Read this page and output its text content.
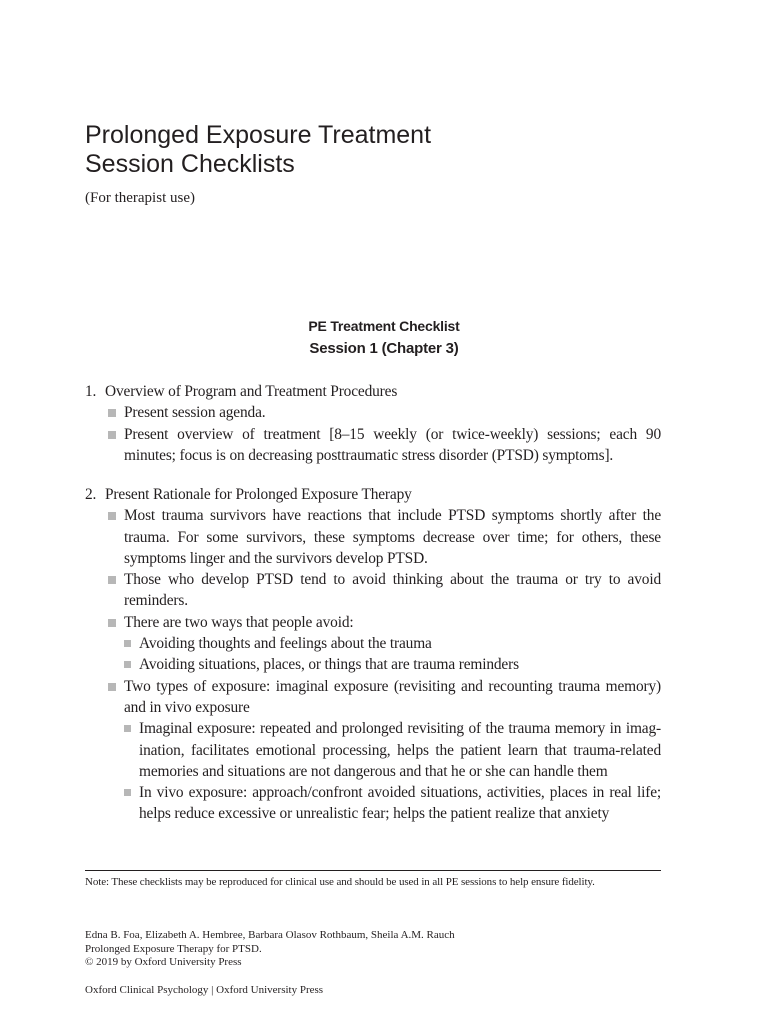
Prolonged Exposure Treatment
Session Checklists
(For therapist use)
PE Treatment Checklist
Session 1 (Chapter 3)
1. Overview of Program and Treatment Procedures
Present session agenda.
Present overview of treatment [8–15 weekly (or twice-weekly) sessions; each 90 minutes; focus is on decreasing posttraumatic stress disorder (PTSD) symptoms].
2. Present Rationale for Prolonged Exposure Therapy
Most trauma survivors have reactions that include PTSD symptoms shortly after the trauma. For some survivors, these symptoms decrease over time; for others, these symptoms linger and the survivors develop PTSD.
Those who develop PTSD tend to avoid thinking about the trauma or try to avoid reminders.
There are two ways that people avoid:
Avoiding thoughts and feelings about the trauma
Avoiding situations, places, or things that are trauma reminders
Two types of exposure: imaginal exposure (revisiting and recounting trauma memory) and in vivo exposure
Imaginal exposure: repeated and prolonged revisiting of the trauma memory in imag-ination, facilitates emotional processing, helps the patient learn that trauma-related memories and situations are not dangerous and that he or she can handle them
In vivo exposure: approach/confront avoided situations, activities, places in real life; helps reduce excessive or unrealistic fear; helps the patient realize that anxiety
Note: These checklists may be reproduced for clinical use and should be used in all PE sessions to help ensure fidelity.
Edna B. Foa, Elizabeth A. Hembree, Barbara Olasov Rothbaum, Sheila A.M. Rauch
Prolonged Exposure Therapy for PTSD.
© 2019 by Oxford University Press
Oxford Clinical Psychology | Oxford University Press
